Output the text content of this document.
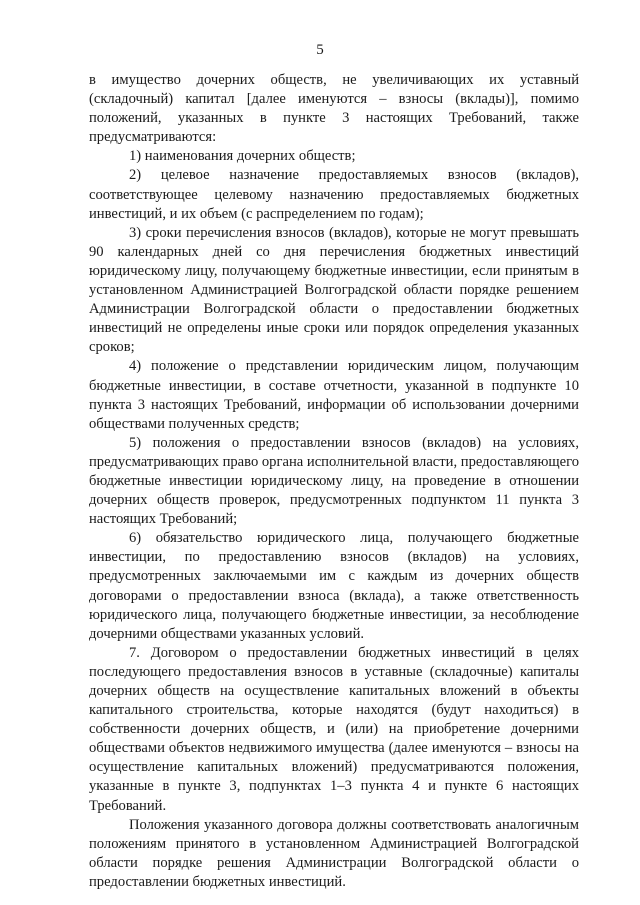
5

в имущество дочерних обществ, не увеличивающих их уставный (складочный) капитал [далее именуются – взносы (вклады)], помимо положений, указанных в пункте 3 настоящих Требований, также предусматриваются:

1) наименования дочерних обществ;

2) целевое назначение предоставляемых взносов (вкладов), соответствующее целевому назначению предоставляемых бюджетных инвестиций, и их объем (с распределением по годам);

3) сроки перечисления взносов (вкладов), которые не могут превышать 90 календарных дней со дня перечисления бюджетных инвестиций юридическому лицу, получающему бюджетные инвестиции, если принятым в установленном Администрацией Волгоградской области порядке решением Администрации Волгоградской области о предоставлении бюджетных инвестиций не определены иные сроки или порядок определения указанных сроков;

4) положение о представлении юридическим лицом, получающим бюджетные инвестиции, в составе отчетности, указанной в подпункте 10 пункта 3 настоящих Требований, информации об использовании дочерними обществами полученных средств;

5) положения о предоставлении взносов (вкладов) на условиях, предусматривающих право органа исполнительной власти, предоставляющего бюджетные инвестиции юридическому лицу, на проведение в отношении дочерних обществ проверок, предусмотренных подпунктом 11 пункта 3 настоящих Требований;

6) обязательство юридического лица, получающего бюджетные инвестиции, по предоставлению взносов (вкладов) на условиях, предусмотренных заключаемыми им с каждым из дочерних обществ договорами о предоставлении взноса (вклада), а также ответственность юридического лица, получающего бюджетные инвестиции, за несоблюдение дочерними обществами указанных условий.

7. Договором о предоставлении бюджетных инвестиций в целях последующего предоставления взносов в уставные (складочные) капиталы дочерних обществ на осуществление капитальных вложений в объекты капитального строительства, которые находятся (будут находиться) в собственности дочерних обществ, и (или) на приобретение дочерними обществами объектов недвижимого имущества (далее именуются – взносы на осуществление капитальных вложений) предусматриваются положения, указанные в пункте 3, подпунктах 1–3 пункта 4 и пункте 6 настоящих Требований.

Положения указанного договора должны соответствовать аналогичным положениям принятого в установленном Администрацией Волгоградской области порядке решения Администрации Волгоградской области о предоставлении бюджетных инвестиций.
